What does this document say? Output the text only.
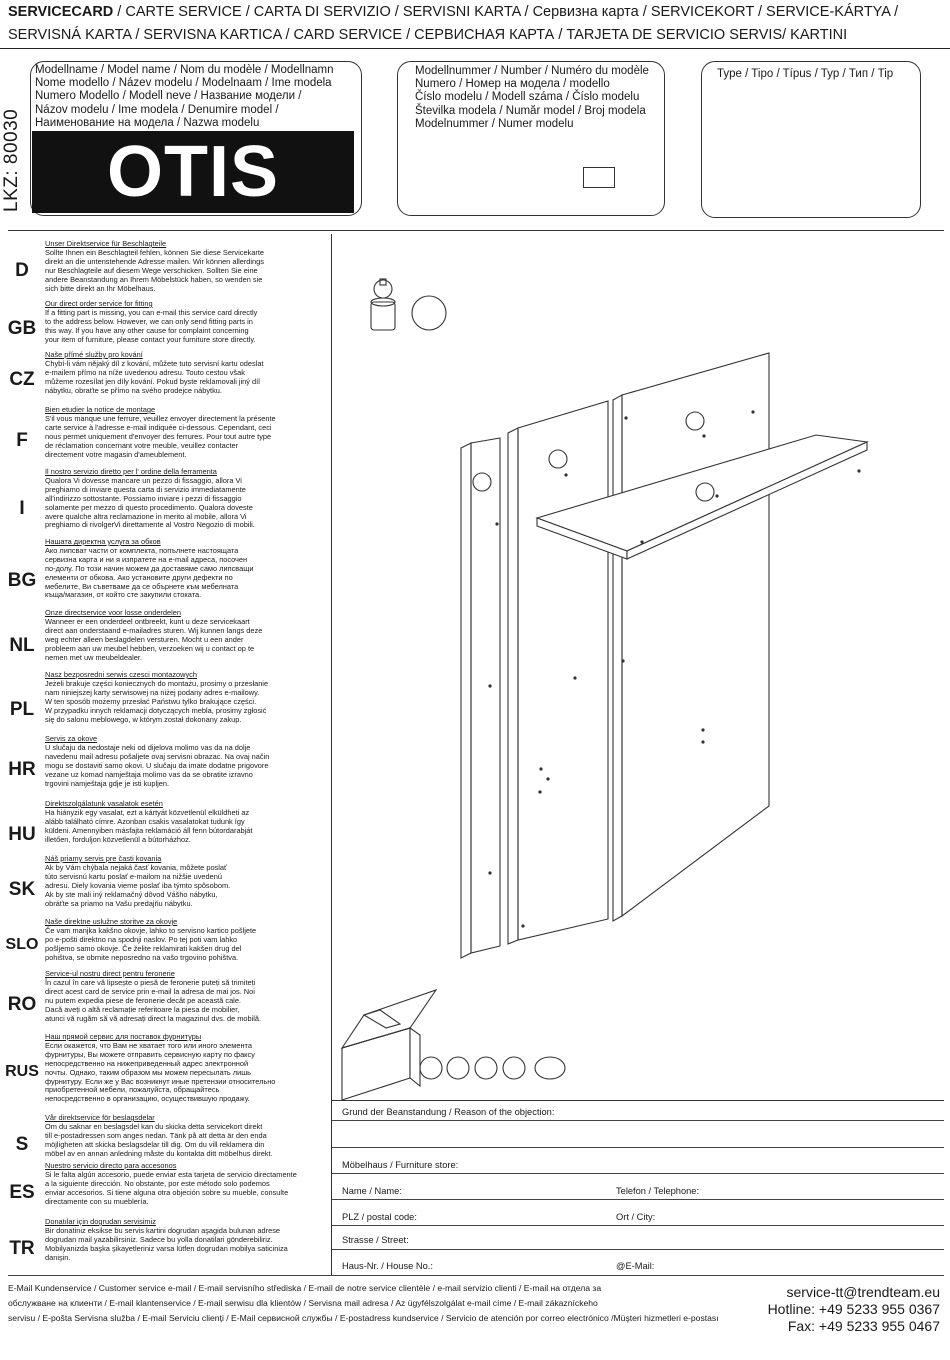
SERVICECARD / CARTE SERVICE / CARTA DI SERVIZIO / SERVISNI KARTA / Сервизна карта / SERVICEKORT / SERVICE-KÁRTYA /
SERVISNÁ KARTA / SERVISNA KARTICA / CARD SERVICE / СЕРВИСНАЯ КАРТА / TARJETA DE SERVICIO SERVIS/ KARTINI
LKZ: 80030
Modellname / Model name / Nom du modèle / Modellnamn
Nome modello / Název modelu / Modelnaam / Ime modela
Numero Modello / Modell neve / Название модели /
Názov modelu / Ime modela / Denumire model /
Наименование на модела / Nazwa modelu
OTIS
Modellnummer / Number / Numéro du modèle
Numero / Номер на модела / modello
Číslo modelu / Modell száma / Číslo modelu
Številka modela / Număr model / Broj modela
Modelnummer / Numer modelu
Type / Tipo / Típus / Typ / Тип / Tip
D
Unser Direktservice für Beschlagteile
Sollte Ihnen ein Beschlagteil fehlen, können Sie diese Servicekarte
direkt an die untenstehende Adresse mailen. Wir können allerdings
nur Beschlagteile auf diesem Wege verschicken. Sollten Sie eine
andere Beanstandung an Ihrem Möbelstück haben, so wenden sie
sich bitte direkt an Ihr Möbelhaus.
GB
Our direct order service for fitting
If a fitting part is missing, you can e-mail this service card directly
to the address below. However, we can only send fitting parts in
this way. If you have any other cause for complaint concerning
your item of furniture, please contact your furniture store directly.
CZ
Naše přímé služby pro kování
Chybí-li vám nějaký díl z kování, můžete tuto servisní kartu odeslat
e-mailem přímo na níže uvedenou adresu. Touto cestou však
můžeme rozesílat jen díly kování. Pokud byste reklamovali jiný díl
nábytku, obraťte se přímo na svého prodejce nábytku.
F
Bien etudier la notice de montage
S'il vous manque une ferrure, veuillez envoyer directement la présente
carte service à l'adresse e-mail indiquée ci-dessous. Cependant, ceci
nous permet uniquement d'envoyer des ferrures. Pour tout autre type
de réclamation concernant votre meuble, veuillez contacter
directement votre magasin d'ameublement.
I
Il nostro servizio diretto per l' ordine della ferramenta
Qualora Vi dovesse mancare un pezzo di fissaggio, allora Vi
preghiamo di inviare questa carta di servizio immediatamente
all'indirizzo sottostante. Possiamo inviare i pezzi di fissaggio
solamente per mezzo di questo procedimento. Qualora doveste
avere qualche altra reclamazione in merito al mobile, allora Vi
preghiamo di rivolgerVi direttamente al Vostro Negozio di mobili.
BG
Нашата директна услуга за обков
Ако липсват части от комплекта, попълнете настоящата
сервизна карта и ни я изпратете на e-mail адреса, посочен
по-долу. По този начин можем да доставяме само липсващи
елементи от обкова. Ако установите други дефекти по
мебелите, Ви съветваме да се обърнете към мебелната
къща/магазин, от който сте закупили стоката.
NL
Onze directservice voor losse onderdelen
Wanneer er een onderdeel ontbreekt, kunt u deze servicekaart
direct aan onderstaand e-mailadres sturen. Wij kunnen langs deze
weg echter alleen beslagdelen versturen. Mocht u een ander
probleem aan uw meubel hebben, verzoeken wij u contact op te
nemen met uw meubeldealer.
PL
Nasz bezposredni serwis czesci montazowych
Jeżeli brakuje części koniecznych do montażu, prosimy o przesłanie
nam niniejszej karty serwisowej na niżej podany adres e-mailowy.
W ten sposób możemy przesłać Państwu tylko brakujące części.
W przypadku innych reklamacji dotyczących mebla, prosimy zgłosić
się do salonu meblowego, w którym został dokonany zakup.
HR
Servis za okove
U slučaju da nedostaje neki od dijelova molimo vas da na dolje
navedenu mail adresu pošaljete ovaj servisni obrazac. Na ovaj način
mogu se dostaviti samo okovi. U slučaju da imate dodatne prigovore
vezane uz komad namještaja molimo vas da se obratite izravno
trgovini namještaja gdje je isti kupljen.
HU
Direktszolgálatunk vasalatok esetén
Ha hiányzik egy vasalat, ezt a kártyát közvetlenül elküldheti az
alább található címre. Azonban csakis vasalatokat tudunk így
küldeni. Amennyiben másfajta reklamáció áll fenn bútordarabját
illetően, forduljon közvetlenül a bútorházhoz.
SK
Náš priamy servis pre časti kovania
Ak by Vám chýbala nejaká časť kovania, môžete poslať
túto servisnú kartu poslať e-mailom na nižšie uvedenú
adresu. Diely kovania vieme poslať iba týmto spôsobom.
Ak by ste mali iný reklamačný dôvod Vášho nábytku,
obráťte sa priamo na Vašu predajňu nábytku.
SLO
Naše direktne uslužne storitve za okovje
Če vam manjka kakšno okovje, lahko to servisno kartico pošljete
po e-pošti direktno na spodnji naslov. Po tej poti vam lahko
pošljemo samo okovje. Če želite reklamirati kakšen drug del
pohištva, se obrnite neposredno na vašo trgovino pohištva.
RO
Service-ul nostru direct pentru feronerie
În cazul în care vă lipsește o piesă de feronerie puteți să trimiteți
direct acest card de service prin e-mail la adresa de mai jos. Noi
nu putem expedia piese de feronerie decât pe această cale.
Dacă aveți o altă reclamație referitoare la piesa de mobilier,
atunci vă rugăm să vă adresați direct la magazinul dvs. de mobilă.
RUS
Наш прямой сервис для поставок фурнитуры
Если окажется, что Вам не хватает того или иного элемента
фурнитуры, Вы можете отправить сервисную карту по факсу
непосредственно на нижеприведенный адрес электронной
почты. Однако, таким образом мы можем пересылать лишь
фурнитуру. Если же у Вас возникнут иные претензии относительно
приобретенной мебели, пожалуйста, обращайтесь
непосредственно в организацию, осуществившую продажу.
S
Vår direktservice för beslagsdelar
Om du saknar en beslagsdel kan du skicka detta servicekort direkt
till e-postadressen som anges nedan. Tänk på att detta är den enda
möjligheten att skicka beslagsdelar till dig. Om du vill reklamera din
möbel av en annan anledning måste du kontakta ditt möbelhus direkt.
ES
Nuestro servicio directo para accesonos
Si le falta algún accesorio, puede enviar esta tarjeta de servicio directamente
a la siguiente dirección. No obstante, por este método solo podemos
enviar accesorios. Si tiene alguna otra objeción sobre su mueble, consulte
directamente con su mueblería.
TR
Donatılar için dogrudan servisimiz
Bir donatiniz eksikse bu servis kartini dogrudan aşagida bulunan adrese
dogrudan mail yazabilirsiniz. Sadece bu yolla donatilari gönderebiliriz.
Mobilyanizda başka şikayetleriniz varsa lütfen dogrudan mobilya saticiniza
danişin.
Grund der Beanstandung / Reason of the objection:
Möbelhaus / Furniture store:
Name / Name:	Telefon / Telephone:
PLZ / postal code:	Ort / City:
Strasse / Street:
Haus-Nr. / House No.:	@E-Mail:
E-Mail Kundenservice / Customer service e-mail / E-mail servisního střediska / E-mail de notre service clientèle / e-mail servizio clienti / E-mail на отдела за
обслужване на клиенти / E-mail klantenservice / E-mail serwisu dla klientów / Servisna mail adresa / Az ügyfélszolgálat e-mail címe / E-mail zákazníckeho
servisu / E-pošta Servisna služba / E-mail Serviciu clienți / E-Mail сервисной службы / E-postadress kundservice / Servicio de atención por correo electrónico /Müşteri hizmetleri e-postası
service-tt@trendteam.eu
Hotline: +49 5233 955 0367
Fax: +49 5233 955 0467
